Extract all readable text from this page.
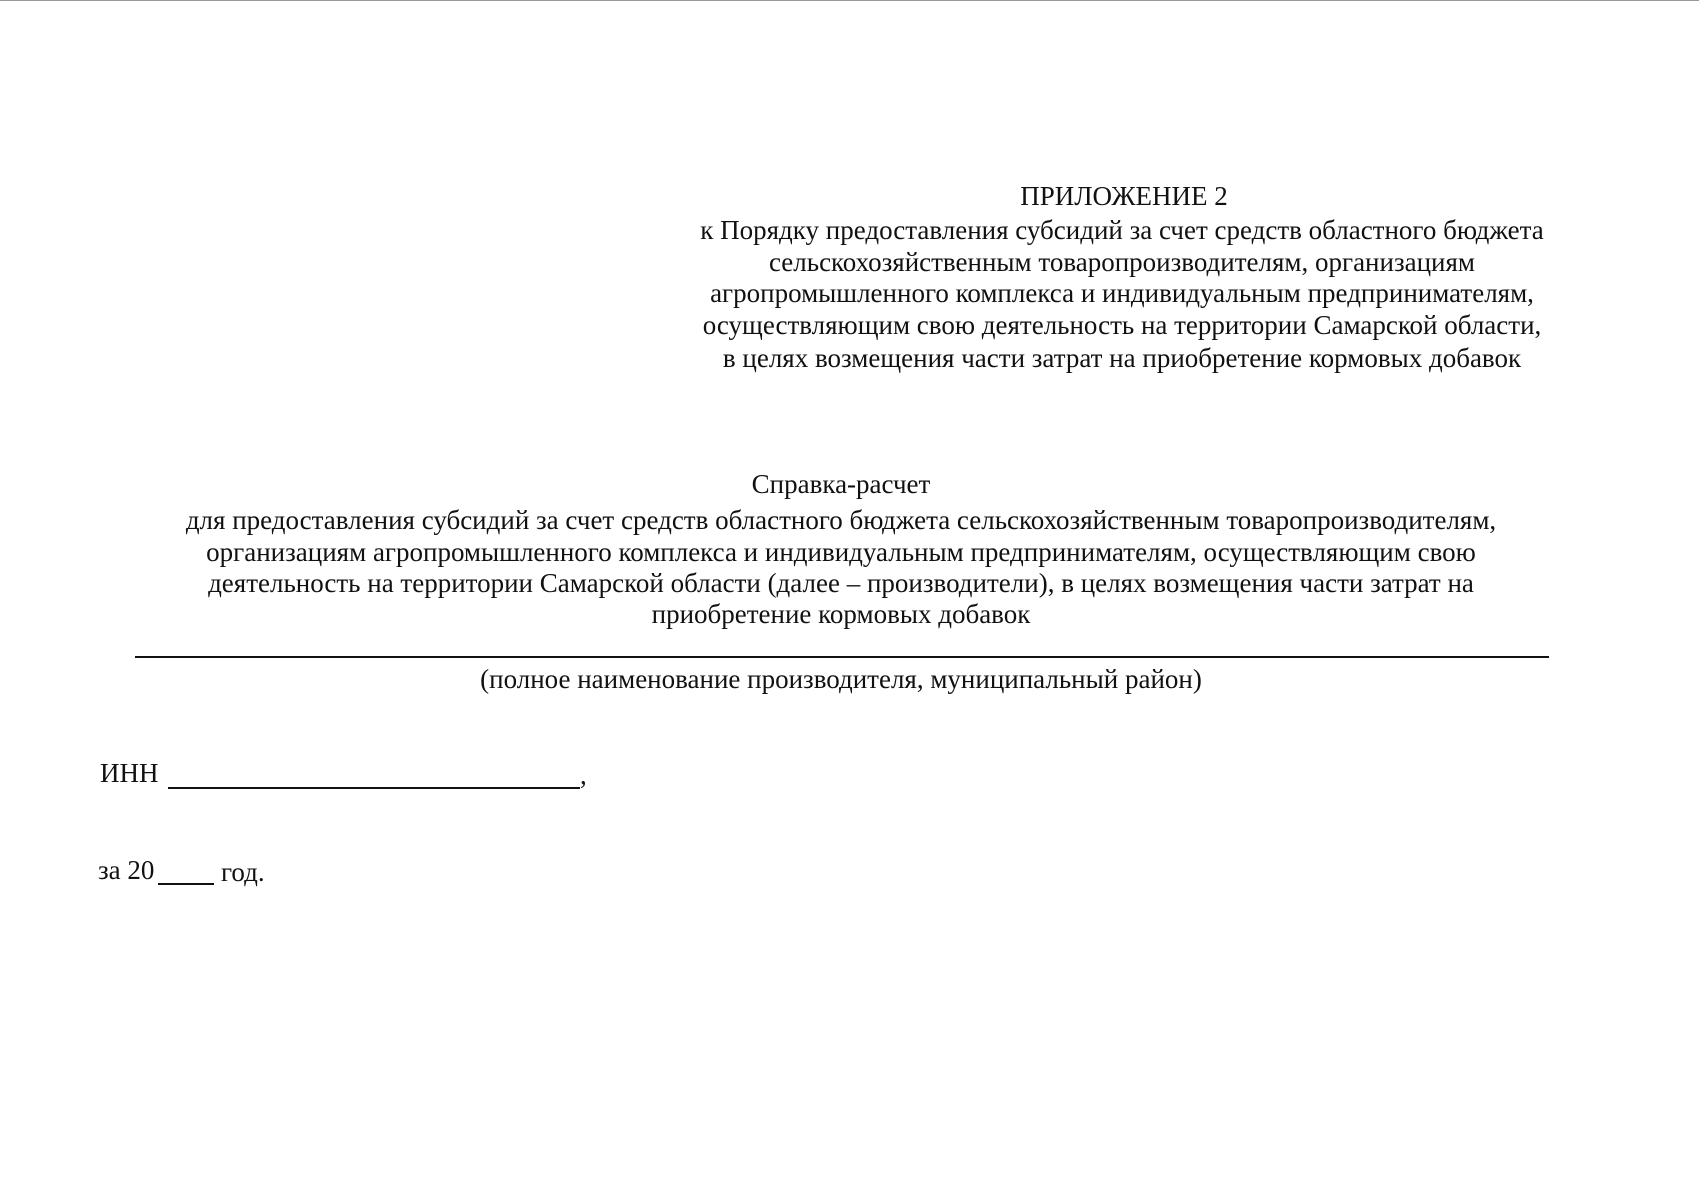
ПРИЛОЖЕНИЕ 2
к Порядку предоставления субсидий за счет средств областного бюджета
сельскохозяйственным товаропроизводителям, организациям
агропромышленного комплекса и индивидуальным предпринимателям,
осуществляющим свою деятельность на территории Самарской области,
в целях возмещения части затрат на приобретение кормовых добавок
Справка-расчет
для предоставления субсидий за счет средств областного бюджета сельскохозяйственным товаропроизводителям,
организациям агропромышленного комплекса и индивидуальным предпринимателям, осуществляющим свою
деятельность на территории Самарской области (далее – производители), в целях возмещения части затрат на
приобретение кормовых добавок
(полное наименование производителя, муниципальный район)
ИНН	,
за 20 год.
